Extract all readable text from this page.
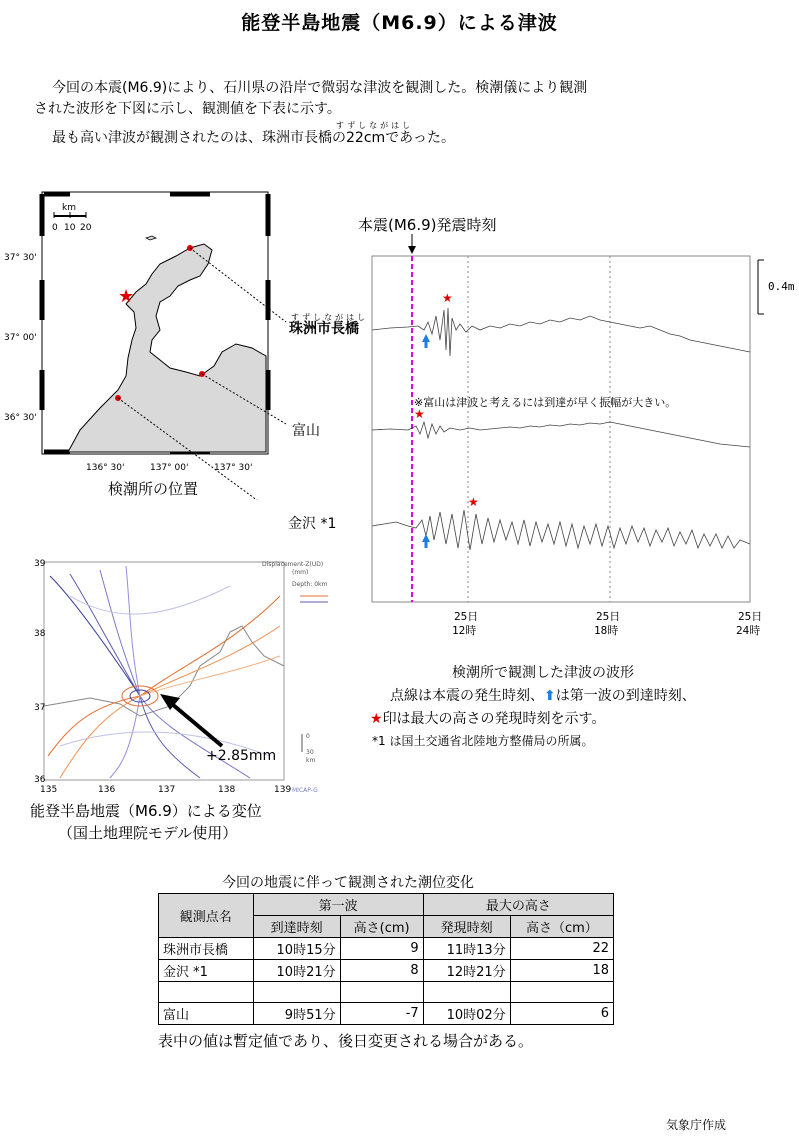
能登半島地震（M6.9）による津波
今回の本震(M6.9)により、石川県の沿岸で微弱な津波を観測した。検潮儀により観測
された波形を下図に示し、観測値を下表に示す。
すずしながはし
最も高い津波が観測されたのは、珠洲市長橋の22cmであった。
km
0 10 20
37° 30'
37° 00'
36° 30'
136° 30'	137° 00'	137° 30'
★
すずしながはし
珠洲市長橋
富山
金沢 *1
検潮所の位置
本震(M6.9)発震時刻
0.4m
★
★
※富山は津波と考えるには到達が早く振幅が大きい。
★
25日
12時
25日
18時
25日
24時
検潮所で観測した津波の波形
点線は本震の発生時刻、⬆は第一波の到達時刻、
★印は最大の高さの発現時刻を示す。
*1 は国土交通省北陸地方整備局の所属。
39
38
37
36
135	136	137	138	139
Displacement-Z(UD)
(mm)
Depth: 0km
0
30
km
MICAP-G
+2.85mm
能登半島地震（M6.9）による変位
（国土地理院モデル使用）
今回の地震に伴って観測された潮位変化
観測点名	第一波		最大の高さ	
	到達時刻	高さ(cm)	発現時刻	高さ（cm）
珠洲市長橋	10時15分	9	11時13分	22
金沢 *1	10時21分	8	12時21分	18

富山	9時51分	-7	10時02分	6
表中の値は暫定値であり、後日変更される場合がある。
気象庁作成
